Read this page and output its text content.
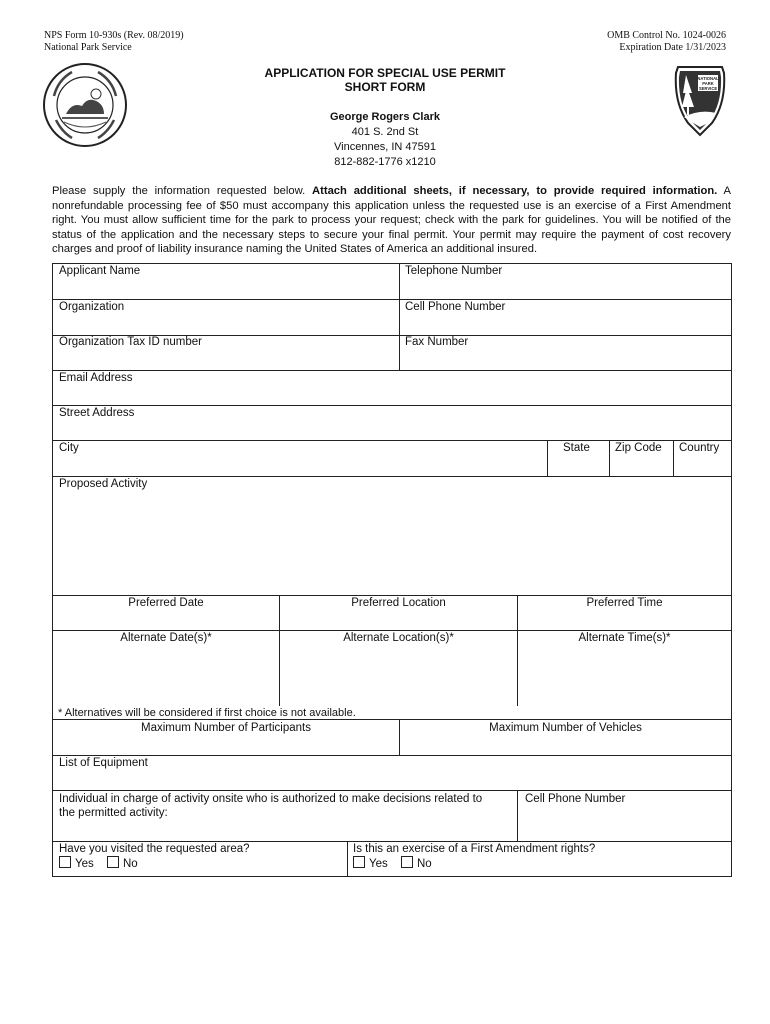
NPS Form 10-930s (Rev. 08/2019)
National Park Service
OMB Control No. 1024-0026
Expiration Date 1/31/2023
NATIONAL
PARK
SERVICE
APPLICATION FOR SPECIAL USE PERMIT
SHORT FORM
George Rogers Clark
401 S. 2nd St
Vincennes, IN 47591
812-882-1776 x1210
Please supply the information requested below. Attach additional sheets, if necessary, to provide required information. A nonrefundable processing fee of $50 must accompany this application unless the requested use is an exercise of a First Amendment right. You must allow sufficient time for the park to process your request; check with the park for guidelines. You will be notified of the status of the application and the necessary steps to secure your final permit. Your permit may require the payment of cost recovery charges and proof of liability insurance naming the United States of America an additional insured.
Applicant Name	Telephone Number
Organization	Cell Phone Number
Organization Tax ID number	Fax Number
Email Address
Street Address
City	State Zip Code Country
Proposed Activity
Preferred Date	Preferred Location	Preferred Time
Alternate Date(s)*	Alternate Location(s)*	Alternate Time(s)*
* Alternatives will be considered if first choice is not available.
Maximum Number of Participants	Maximum Number of Vehicles
List of Equipment
Individual in charge of activity onsite who is authorized to make decisions related to
the permitted activity:
Cell Phone Number
Have you visited the requested area?
Yes	No
Is this an exercise of a First Amendment rights?
Yes	No
